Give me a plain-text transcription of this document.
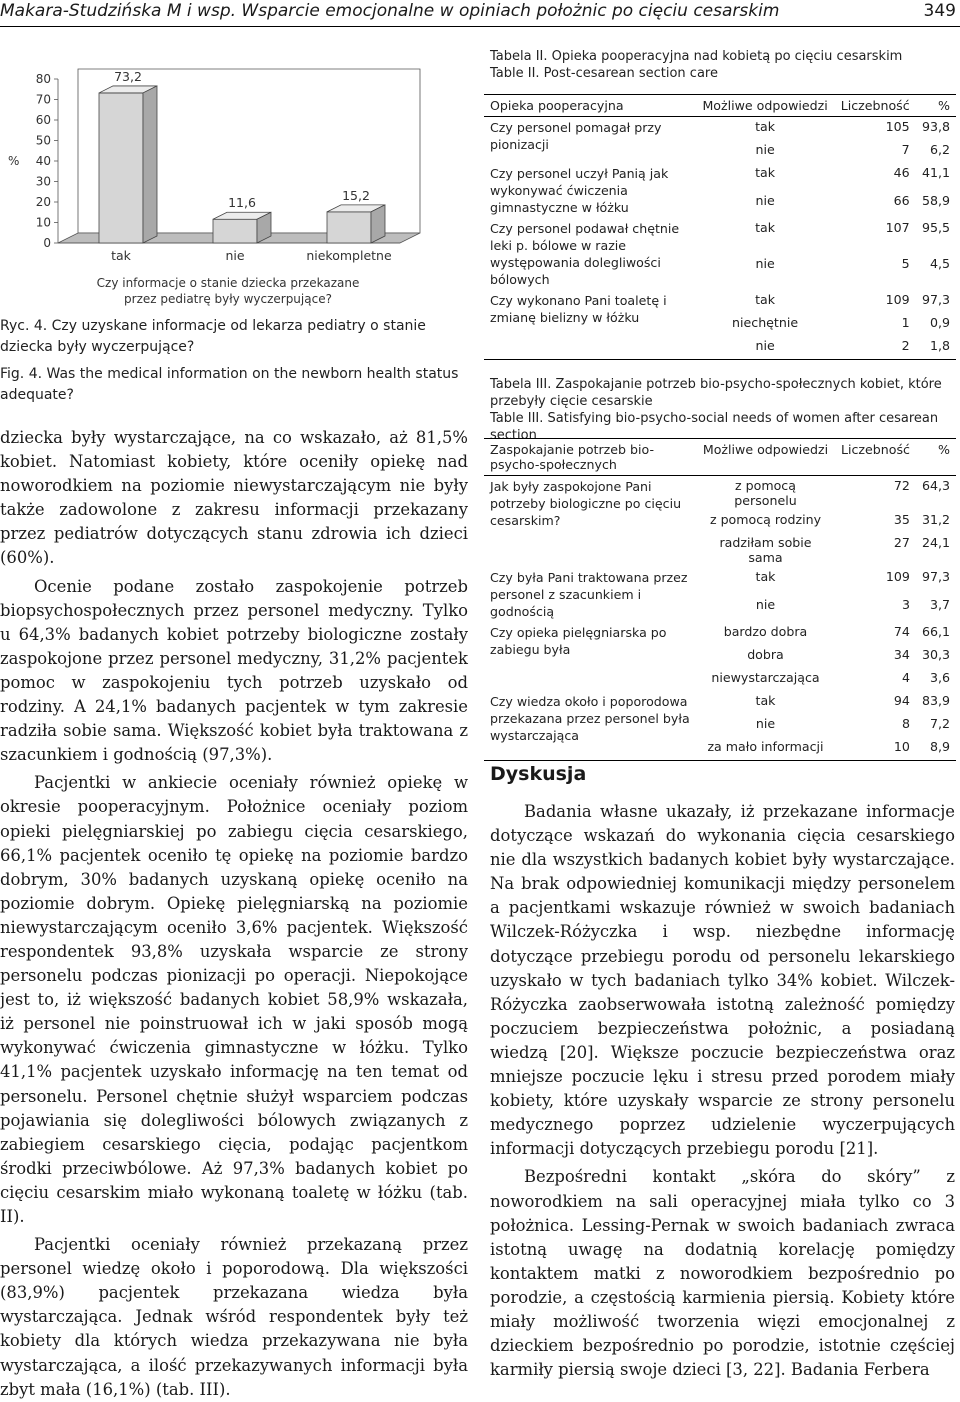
Makara-Studzińska M i wsp. Wsparcie emocjonalne w opiniach położnic po cięciu cesarskim	349
0
10
20
30
40
50
60
70
80
%
73,2
tak
11,6
nie
15,2
niekompletne
Czy informacje o stanie dziecka przekazane
przez pediatrę były wyczerpujące?
Ryc. 4. Czy uzyskane informacje od lekarza pediatry o stanie dziecka były wyczerpujące?
Fig. 4. Was the medical information on the newborn health status adequate?

dziecka były wystarczające, na co wskazało, aż 81,5% kobiet. Natomiast kobiety, które oceniły opiekę nad noworodkiem na poziomie niewystarczającym nie były także zadowolone z zakresu informacji przekazany przez pediatrów dotyczących stanu zdrowia ich dzieci (60%).

Ocenie podane zostało zaspokojenie potrzeb biopsychospołecznych przez personel medyczny. Tylko u 64,3% badanych kobiet potrzeby biologiczne zostały zaspokojone przez personel medyczny, 31,2% pacjentek pomoc w zaspokojeniu tych potrzeb uzyskało od rodziny. A 24,1% badanych pacjentek w tym zakresie radziła sobie sama. Większość kobiet była traktowana z szacunkiem i godnością (97,3%).

Pacjentki w ankiecie oceniały również opiekę w okresie pooperacyjnym. Położnice oceniały poziom opieki pielęgniarskiej po zabiegu cięcia cesarskiego, 66,1% pacjentek oceniło tę opiekę na poziomie bardzo dobrym, 30% badanych uzyskaną opiekę oceniło na poziomie dobrym. Opiekę pielęgniarską na poziomie niewystarczającym oceniło 3,6% pacjentek. Większość respondentek 93,8% uzyskała wsparcie ze strony personelu podczas pionizacji po operacji. Niepokojące jest to, iż większość badanych kobiet 58,9% wskazała, iż personel nie poinstruował ich w jaki sposób mogą wykonywać ćwiczenia gimnastyczne w łóżku. Tylko 41,1% pacjentek uzyskało informację na ten temat od personelu. Personel chętnie służył wsparciem podczas pojawiania się dolegliwości bólowych związanych z zabiegiem cesarskiego cięcia, podając pacjentkom środki przeciwbólowe. Aż 97,3% badanych kobiet po cięciu cesarskim miało wykonaną toaletę w łóżku (tab. II).

Pacjentki oceniały również przekazaną przez personel wiedzę około i poporodową. Dla większości (83,9%) pacjentek przekazana wiedza była wystarczająca. Jednak wśród respondentek były też kobiety dla których wiedza przekazywana nie była wystarczająca, a ilość przekazywanych informacji była zbyt mała (16,1%) (tab. III).

Tabela II. Opieka pooperacyjna nad kobietą po cięciu cesarskim
Table II. Post-cesarean section care
Opieka pooperacyjna	Możliwe odpowiedzi	Liczebność	%
Czy personel pomagał przy pionizacji	tak	105	93,8
	nie	7	6,2
Czy personel uczył Panią jak wykonywać ćwiczenia gimnastyczne w łóżku	tak	46	41,1
	nie	66	58,9
Czy personel podawał chętnie leki p. bólowe w razie występowania dolegliwości bólowych	tak	107	95,5
	nie	5	4,5
Czy wykonano Pani toaletę i zmianę bielizny w łóżku	tak	109	97,3
	niechętnie	1	0,9
	nie	2	1,8
Tabela III. Zaspokajanie potrzeb bio-psycho-społecznych kobiet, które przebyły cięcie cesarskie
Table III. Satisfying bio-psycho-social needs of women after cesarean section
Zaspokajanie potrzeb bio-psycho-społecznych	Możliwe odpowiedzi	Liczebność	%
Jak były zaspokojone Pani potrzeby biologiczne po cięciu cesarskim?	z pomocą personelu	72	64,3
	z pomocą rodziny	35	31,2
	radziłam sobie sama	27	24,1
Czy była Pani traktowana przez personel z szacunkiem i godnością	tak	109	97,3
	nie	3	3,7
Czy opieka pielęgniarska po zabiegu była	bardzo dobra	74	66,1
	dobra	34	30,3
	niewystarczająca	4	3,6
Czy wiedza około i poporodowa przekazana przez personel była wystarczająca	tak	94	83,9
	nie	8	7,2
	za mało informacji	10	8,9
Dyskusja

Badania własne ukazały, iż przekazane informacje dotyczące wskazań do wykonania cięcia cesarskiego nie dla wszystkich badanych kobiet były wystarczające. Na brak odpowiedniej komunikacji między personelem a pacjentkami wskazuje również w swoich badaniach Wilczek-Różyczka i wsp. niezbędne informację dotyczące przebiegu porodu od personelu lekarskiego uzyskało w tych badaniach tylko 34% kobiet. Wilczek-Różyczka zaobserwowała istotną zależność pomiędzy poczuciem bezpieczeństwa położnic, a posiadaną wiedzą [20]. Większe poczucie bezpieczeństwa oraz mniejsze poczucie lęku i stresu przed porodem miały kobiety, które uzyskały wsparcie ze strony personelu medycznego poprzez udzielenie wyczerpujących informacji dotyczących przebiegu porodu [21].

Bezpośredni kontakt „skóra do skóry” z noworodkiem na sali operacyjnej miała tylko co 3 położnica. Lessing-Pernak w swoich badaniach zwraca istotną uwagę na dodatnią korelację pomiędzy kontaktem matki z noworodkiem bezpośrednio po porodzie, a częstością karmienia piersią. Kobiety które miały możliwość tworzenia więzi emocjonalnej z dzieckiem bezpośrednio po porodzie, istotnie częściej karmiły piersią swoje dzieci [3, 22]. Badania Ferbera
